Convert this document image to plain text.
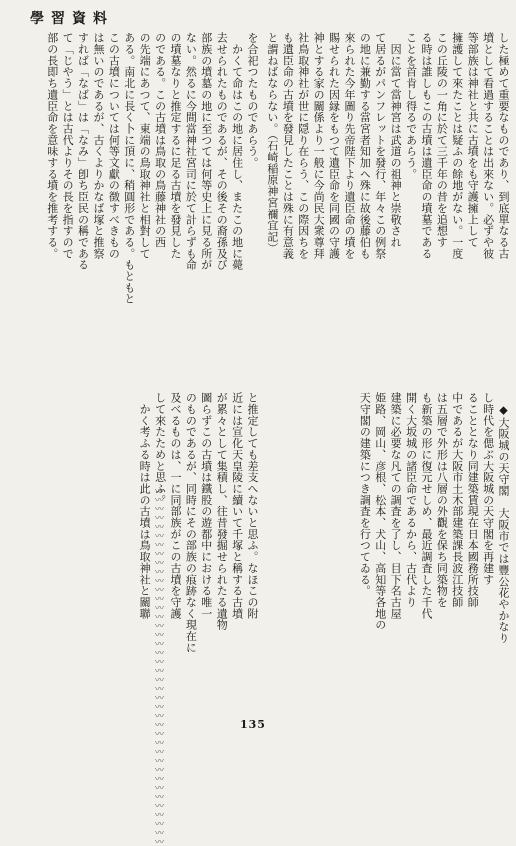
學習資料
した極めて重要なものであり、到底單なる古
墳として看過することは出來ない。必ずや彼
等部族は神社と共に古墳をも守護擁上して
擁護して來たことは疑ふの餘地がない。一度
この丘陵の一角に於て三千年の昔を追想す
る時は誰しもこの古墳は遺臣命の墳墓である
ことを首肯し得るであらう。
　因に當て當神宮は武道の祖神と崇敬され
て居るがパンフレットを發行、年々この例祭
の地に兼勤する當宮者知加ヘ殊に故後藤伯も
來られた今年圖り先帝陛下より遺臣命の墳を
賜せられた因縁をもつて遺臣命を同國の守護
神とする家の關係より一般に今尚民大衆尊拜
社鳥取神社が世に隠り在らう、この際因ちを
も遺臣命の古墳を發見したことは殊に有意義
と謂ねばならない。（石崎稲原神宮禰宜記）
を合祀つたものであらう。
　かくて命はこの地に居住し、またこの地に薨
去せられたものであるが、その後その裔孫及び
部族の墳墓の地に至つては何等史上に見る所が
ない。然るに今間當神社宮司に於て計らずも命
の墳墓なりと推定するに足る古墳を發見した
のである。この古墳は鳥取の鳥藤神社の西
の先端にあつて、東端の鳥取神社と相對して
ある。南北に長く卜に頂に、稍圓形である。もともと
この古墳については何等文獻の徴すべきもの
は無いのであるが、古くよりかなば塚と推察
すれば「なば」は「なみ」卽ち臣民の稱である
て「じやう」とは古代よりその長を指すので
部の長即ち遺臣命を意味する墳を推考する。
　◆大阪城の天守閣　大阪市では豐公花やかなり
し時代を偲ぶ大阪城の天守閣を再建す
ることとなり同建築賃現在日本國務所技師
中であるが大阪市土木部建築課長波江技師
は五層で外形は八層の外觀を保ち同築物を
も新築の形に復元せしめ、最近調査した千代
開く大坂城の諸臣命であるから、古代より
建築に必要な凡ての調査を了し、目下名古屋
姫路、岡山、彦根、松本、犬山、高知等各地の
天守閣の建築につき調査を行つてゐる。
と推定しても差支へないと思ふ。なほこの附
近には宣化天皇陵に續いて千塚と稱する古墳
が累々として集積し、往昔發掘せられたる遺物
圖らずこの古墳は鐵股の遊都中における唯一
のものであるが、同時にその部族の痕跡なく現在に
及べるものは、一に同部族がこの古墳を守護
して來たためと思ふ。
　かく考ふる時は此の古墳は鳥取神社と關聯 〰〰〰〰〰〰〰〰〰〰〰〰〰〰〰〰〰〰〰〰〰〰〰〰〰〰〰〰〰〰〰〰〰〰〰〰〰〰〰〰	135
